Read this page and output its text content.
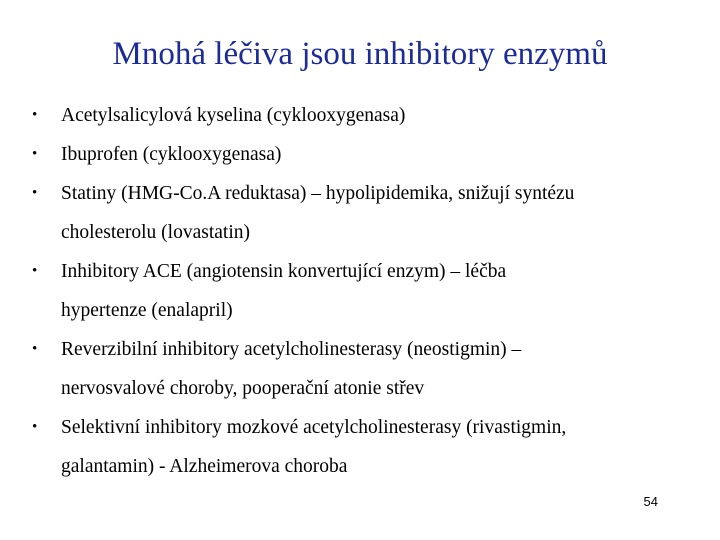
Mnohá léčiva jsou inhibitory enzymů
• Acetylsalicylová kyselina (cyklooxygenasa)
• Ibuprofen (cyklooxygenasa)
• Statiny (HMG-Co.A reduktasa) – hypolipidemika, snižují syntézu
cholesterolu (lovastatin)
• Inhibitory ACE (angiotensin konvertující enzym) – léčba
hypertenze (enalapril)
• Reverzibilní inhibitory acetylcholinesterasy (neostigmin) –
nervosvalové choroby, pooperační atonie střev
• Selektivní inhibitory mozkové acetylcholinesterasy (rivastigmin,
galantamin) - Alzheimerova choroba
54
